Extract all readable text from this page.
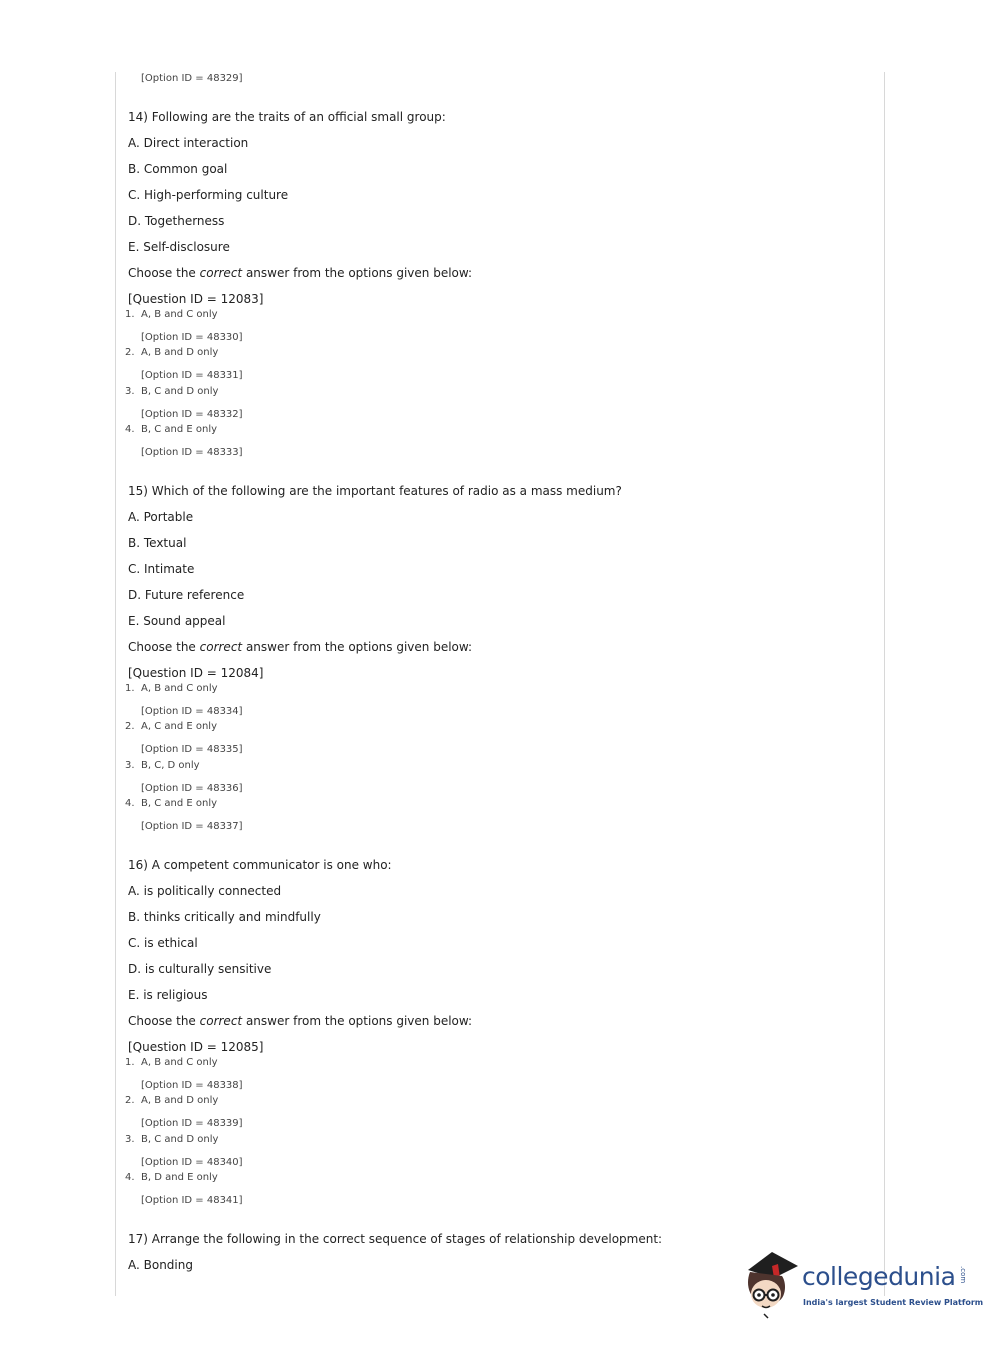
[Option ID = 48329]
14) Following are the traits of an official small group:
A. Direct interaction
B. Common goal
C. High-performing culture
D. Togetherness
E. Self-disclosure
Choose the correct answer from the options given below:
[Question ID = 12083]
1. A, B and C only
[Option ID = 48330]
2. A, B and D only
[Option ID = 48331]
3. B, C and D only
[Option ID = 48332]
4. B, C and E only
[Option ID = 48333]
15) Which of the following are the important features of radio as a mass medium?
A. Portable
B. Textual
C. Intimate
D. Future reference
E. Sound appeal
Choose the correct answer from the options given below:
[Question ID = 12084]
1. A, B and C only
[Option ID = 48334]
2. A, C and E only
[Option ID = 48335]
3. B, C, D only
[Option ID = 48336]
4. B, C and E only
[Option ID = 48337]
16) A competent communicator is one who:
A. is politically connected
B. thinks critically and mindfully
C. is ethical
D. is culturally sensitive
E. is religious
Choose the correct answer from the options given below:
[Question ID = 12085]
1. A, B and C only
[Option ID = 48338]
2. A, B and D only
[Option ID = 48339]
3. B, C and D only
[Option ID = 48340]
4. B, D and E only
[Option ID = 48341]
17) Arrange the following in the correct sequence of stages of relationship development:
A. Bonding	collegedunia .com
India's largest Student Review Platform
